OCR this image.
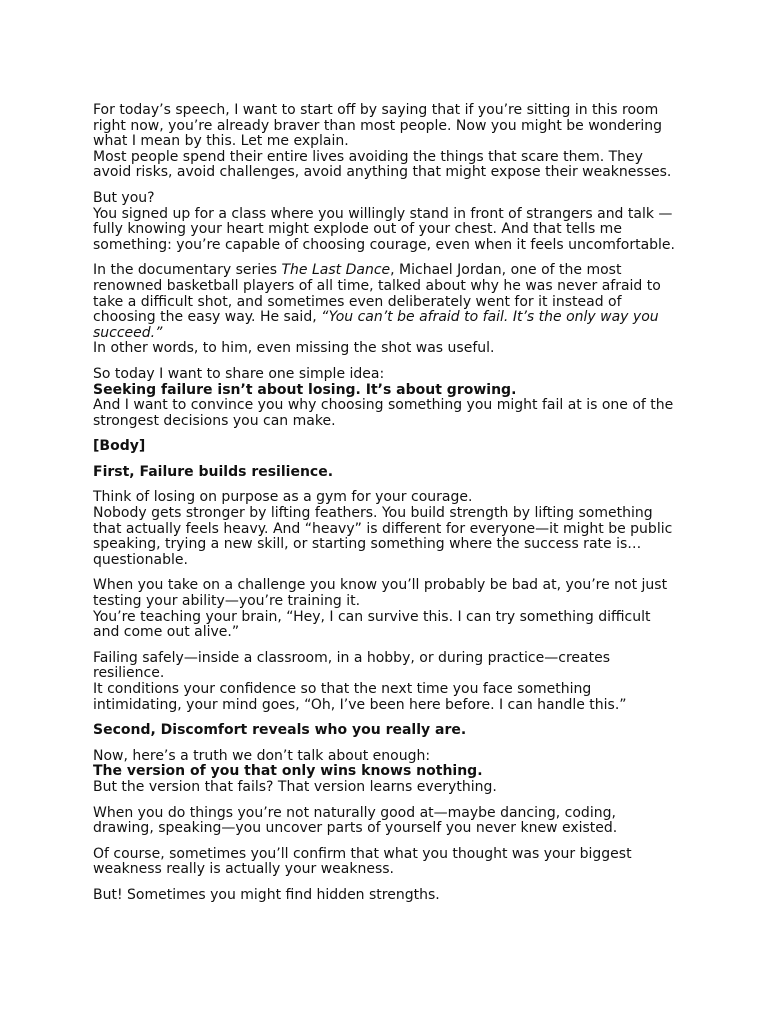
For today’s speech, I want to start off by saying that if you’re sitting in this room right now, you’re already braver than most people. Now you might be wondering what I mean by this. Let me explain.
Most people spend their entire lives avoiding the things that scare them. They avoid risks, avoid challenges, avoid anything that might expose their weaknesses.
But you?
You signed up for a class where you willingly stand in front of strangers and talk —fully knowing your heart might explode out of your chest. And that tells me something: you’re capable of choosing courage, even when it feels uncomfortable.
In the documentary series The Last Dance, Michael Jordan, one of the most renowned basketball players of all time, talked about why he was never afraid to take a difficult shot, and sometimes even deliberately went for it instead of choosing the easy way. He said, “You can’t be afraid to fail. It’s the only way you succeed.”
In other words, to him, even missing the shot was useful.
So today I want to share one simple idea:
Seeking failure isn’t about losing. It’s about growing.
And I want to convince you why choosing something you might fail at is one of the strongest decisions you can make.
[Body]
First, Failure builds resilience.
Think of losing on purpose as a gym for your courage.
Nobody gets stronger by lifting feathers. You build strength by lifting something that actually feels heavy. And “heavy” is different for everyone—it might be public speaking, trying a new skill, or starting something where the success rate is… questionable.
When you take on a challenge you know you’ll probably be bad at, you’re not just testing your ability—you’re training it.
You’re teaching your brain, “Hey, I can survive this. I can try something difficult and come out alive.”
Failing safely—inside a classroom, in a hobby, or during practice—creates resilience.
It conditions your confidence so that the next time you face something intimidating, your mind goes, “Oh, I’ve been here before. I can handle this.”
Second, Discomfort reveals who you really are.
Now, here’s a truth we don’t talk about enough:
The version of you that only wins knows nothing.
But the version that fails? That version learns everything.
When you do things you’re not naturally good at—maybe dancing, coding, drawing, speaking—you uncover parts of yourself you never knew existed.
Of course, sometimes you’ll confirm that what you thought was your biggest weakness really is actually your weakness.
But! Sometimes you might find hidden strengths.
